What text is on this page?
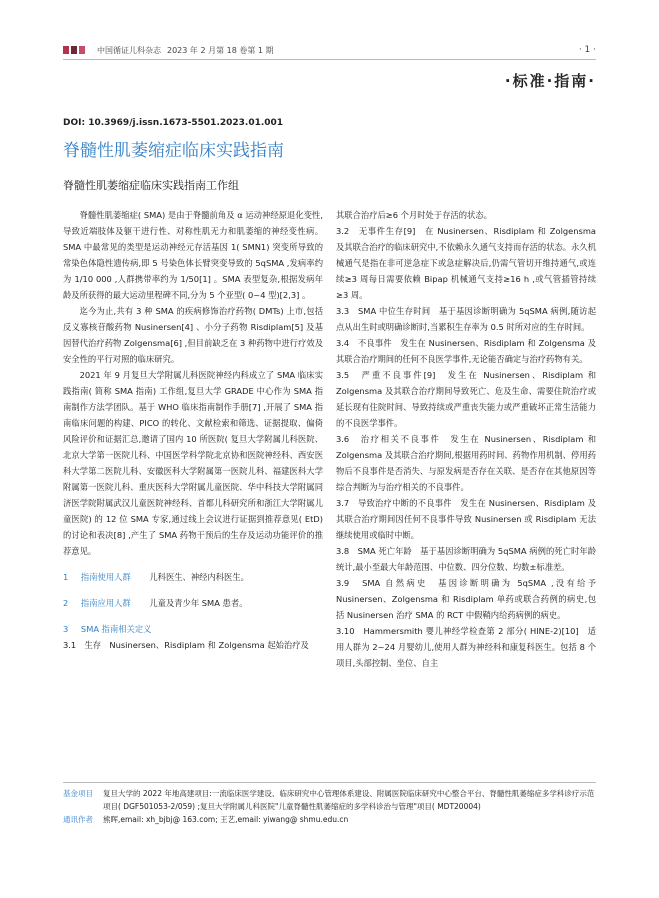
中国循证儿科杂志 2023 年 2 月第 18 卷第 1 期	· 1 ·
·标准·指南·
DOI: 10.3969/j.issn.1673-5501.2023.01.001
脊髓性肌萎缩症临床实践指南
脊髓性肌萎缩症临床实践指南工作组

脊髓性肌萎缩症( SMA) 是由于脊髓前角及 α 运动神经原退化变性,导致近端肢体及躯干进行性、对称性肌无力和肌萎缩的神经变性病。SMA 中最常见的类型是运动神经元存活基因 1( SMN1) 突变所导致的常染色体隐性遗传病,即 5 号染色体长臂突变导致的 5qSMA ,发病率约为 1/10 000 ,人群携带率约为 1/50[1] 。SMA 表型复杂,根据发病年龄及所获得的最大运动里程碑不同,分为 5 个亚型( 0~4 型)[2,3] 。

迄今为止,共有 3 种 SMA 的疾病修饰治疗药物( DMTs) 上市,包括反义寡核苷酸药物 Nusinersen[4] 、小分子药物 Risdiplam[5] 及基因替代治疗药物 Zolgensma[6] ,但目前缺乏在 3 种药物中进行疗效及安全性的平行对照的临床研究。

2021 年 9 月复旦大学附属儿科医院神经内科成立了 SMA 临床实践指南( 简称 SMA 指南) 工作组,复旦大学 GRADE 中心作为 SMA 指南制作方法学团队。基于 WHO 临床指南制作手册[7] ,开展了 SMA 指南临床问题的构建、PICO 的转化、文献检索和筛选、证据提取、偏倚风险评价和证据汇总,邀请了国内 10 所医院( 复旦大学附属儿科医院、北京大学第一医院儿科、中国医学科学院北京协和医院神经科、西安医科大学第二医院儿科、安徽医科大学附属第一医院儿科、福建医科大学附属第一医院儿科、重庆医科大学附属儿童医院、华中科技大学附属同济医学院附属武汉儿童医院神经科、首都儿科研究所和浙江大学附属儿童医院) 的 12 位 SMA 专家,通过线上会议进行证据到推荐意见( EtD) 的讨论和表决[8] ,产生了 SMA 药物干预后的生存及运动功能评价的推荐意见。

1 指南使用人群 儿科医生、神经内科医生。
2 指南应用人群 儿童及青少年 SMA 患者。
3 SMA 指南相关定义

3.1　生存　Nusinersen、Risdiplam 和 Zolgensma 起始治疗及

其联合治疗后≥6 个月时处于存活的状态。

3.2　无事件生存[9]　在 Nusinersen、Risdiplam 和 Zolgensma 及其联合治疗的临床研究中,不依赖永久通气支持而存活的状态。永久机械通气是指在非可逆急症下或急症解决后,仍需气管切开维持通气,或连续≥3 周每日需要依赖 Bipap 机械通气支持≥16 h ,或气管插管持续≥3 周。

3.3　SMA 中位生存时间　基于基因诊断明确为 5qSMA 病例,随访起点从出生时或明确诊断时,当累积生存率为 0.5 时所对应的生存时间。

3.4　不良事件　发生在 Nusinersen、Risdiplam 和 Zolgensma 及其联合治疗期间的任何不良医学事件,无论能否确定与治疗药物有关。

3.5　严重不良事件[9]　发生在 Nusinersen、Risdiplam 和 Zolgensma 及其联合治疗期间导致死亡、危及生命、需要住院治疗或延长现有住院时间、导致持续或严重丧失能力或严重破坏正常生活能力的不良医学事件。

3.6　治疗相关不良事件　发生在 Nusinersen、Risdiplam 和 Zolgensma 及其联合治疗期间,根据用药时间、药物作用机制、停用药物后不良事件是否消失、与原发病是否存在关联、是否存在其他原因等综合判断为与治疗相关的不良事件。

3.7　导致治疗中断的不良事件　发生在 Nusinersen、Risdiplam 及其联合治疗期间因任何不良事件导致 Nusinersen 或 Risdiplam 无法继续使用或临时中断。

3.8　SMA 死亡年龄　基于基因诊断明确为 5qSMA 病例的死亡时年龄统计,最小至最大年龄范围、中位数、四分位数、均数±标准差。

3.9　SMA 自然病史　基因诊断明确为 5qSMA ,没有给予 Nusinersen、Zolgensma 和 Risdiplam 单药或联合药例的病史,包括 Nusinersen 治疗 SMA 的 RCT 中假鞘内给药病例的病史。

3.10　Hammersmith 婴儿神经学检查第 2 部分( HINE-2)[10]　适用人群为 2~24 月婴幼儿,使用人群为神经科和康复科医生。包括 8 个项目,头部控制、坐位、自主

基金项目	复旦大学的 2022 年地高建项目:一流临床医学建设、临床研究中心管理体系建设、附属医院临床研究中心整合平台、脊髓性肌萎缩症多学科诊疗示范项目( DGF501053-2/059) ;复旦大学附属儿科医院"儿童脊髓性肌萎缩症的多学科诊治与管理"项目( MDT20004)
通讯作者	熊晖,email: xh_bjbj@ 163.com; 王艺,email: yiwang@ shmu.edu.cn
